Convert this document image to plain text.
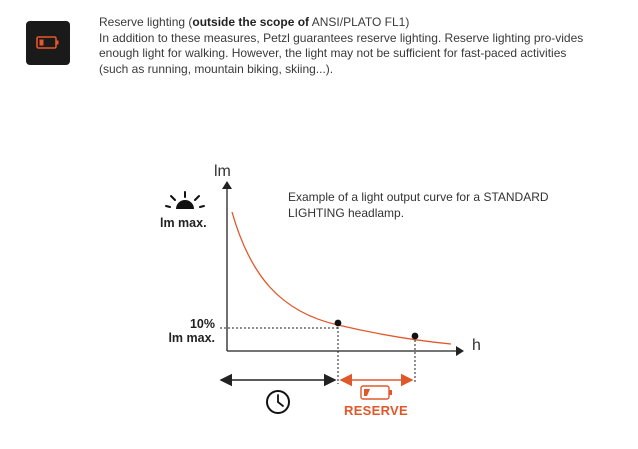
Reserve lighting (outside the scope of ANSI/PLATO FL1)
In addition to these measures, Petzl guarantees reserve lighting. Reserve lighting pro-vides enough light for walking. However, the light may not be sufficient for fast-paced activities (such as running, mountain biking, skiing...).
lm
h
lm max.
10%
lm max.
Example of a light output curve for a STANDARD LIGHTING headlamp.
RESERVE
